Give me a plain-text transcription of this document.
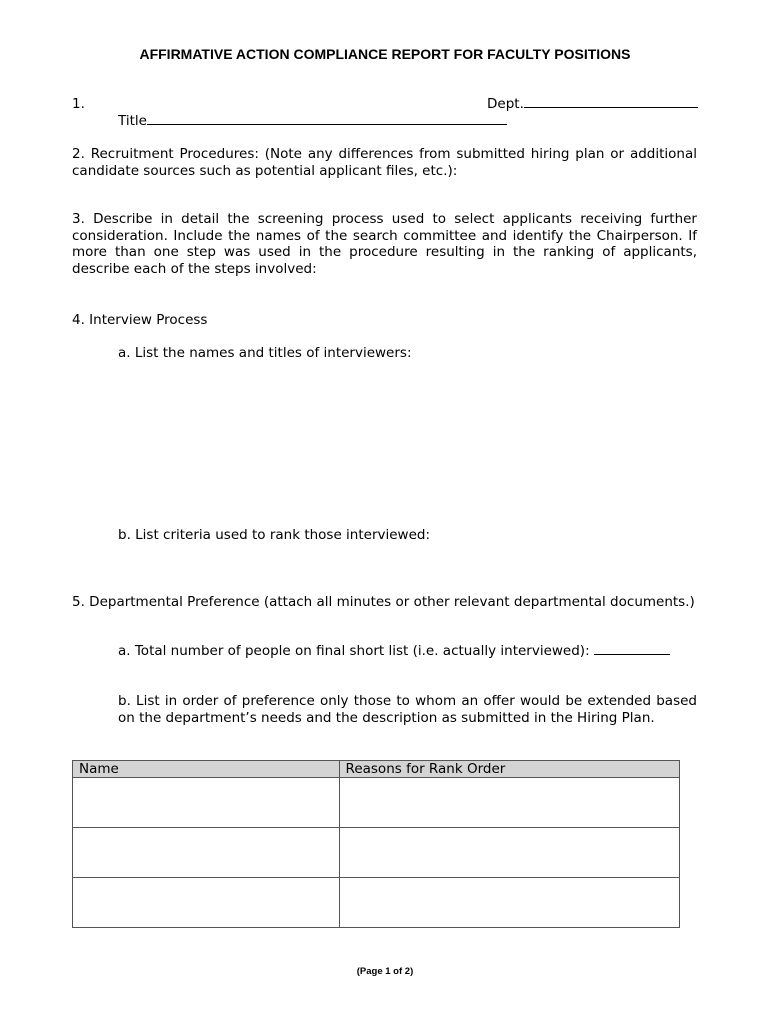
AFFIRMATIVE ACTION COMPLIANCE REPORT FOR FACULTY POSITIONS
1.	Dept.
Title

2. Recruitment Procedures: (Note any differences from submitted hiring plan or additional candidate sources such as potential applicant files, etc.):

3. Describe in detail the screening process used to select applicants receiving further consideration. Include the names of the search committee and identify the Chairperson. If more than one step was used in the procedure resulting in the ranking of applicants, describe each of the steps involved:

4. Interview Process
a. List the names and titles of interviewers:
b. List criteria used to rank those interviewed:

5. Departmental Preference (attach all minutes or other relevant departmental documents.)

a. Total number of people on final short list (i.e. actually interviewed):

b. List in order of preference only those to whom an offer would be extended based on the department’s needs and the description as submitted in the Hiring Plan.

Name	Reasons for Rank Order

(Page 1 of 2)
